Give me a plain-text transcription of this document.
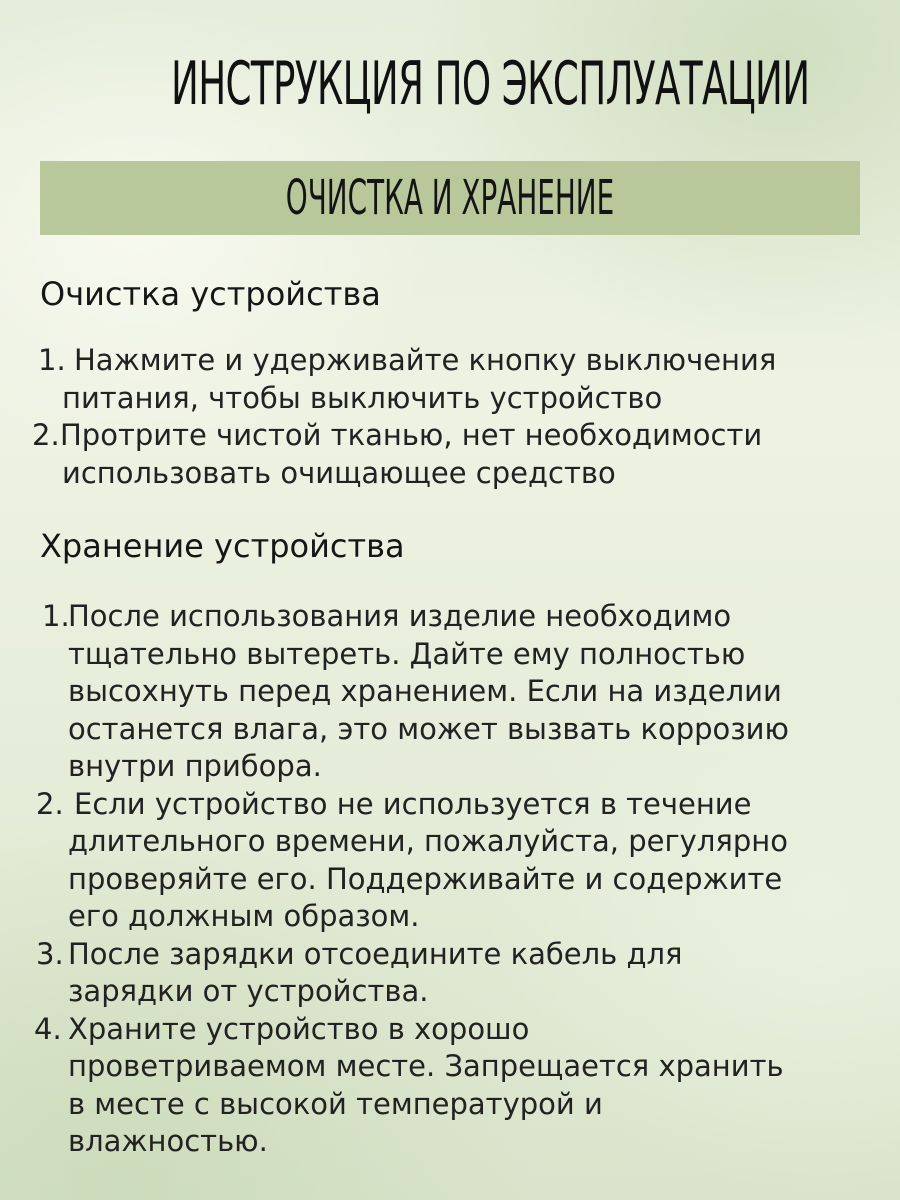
ИНСТРУКЦИЯ ПО ЭКСПЛУАТАЦИИ
ОЧИСТКА И ХРАНЕНИЕ
Очистка устройства
1. Нажмите и удерживайте кнопку выключения
питания, чтобы выключить устройство
2. Протрите чистой тканью, нет необходимости
использовать очищающее средство
Хранение устройства
1.
После использования изделие необходимо
тщательно вытереть. Дайте ему полностью
высохнуть перед хранением. Если на изделии
останется влага, это может вызвать коррозию
внутри прибора.
2. Если устройство не используется в течение
длительного времени, пожалуйста, регулярно
проверяйте его. Поддерживайте и содержите
его должным образом.
3. После зарядки отсоедините кабель для
зарядки от устройства.
4. Храните устройство в хорошо
проветриваемом месте. Запрещается хранить
в месте с высокой температурой и
влажностью.
